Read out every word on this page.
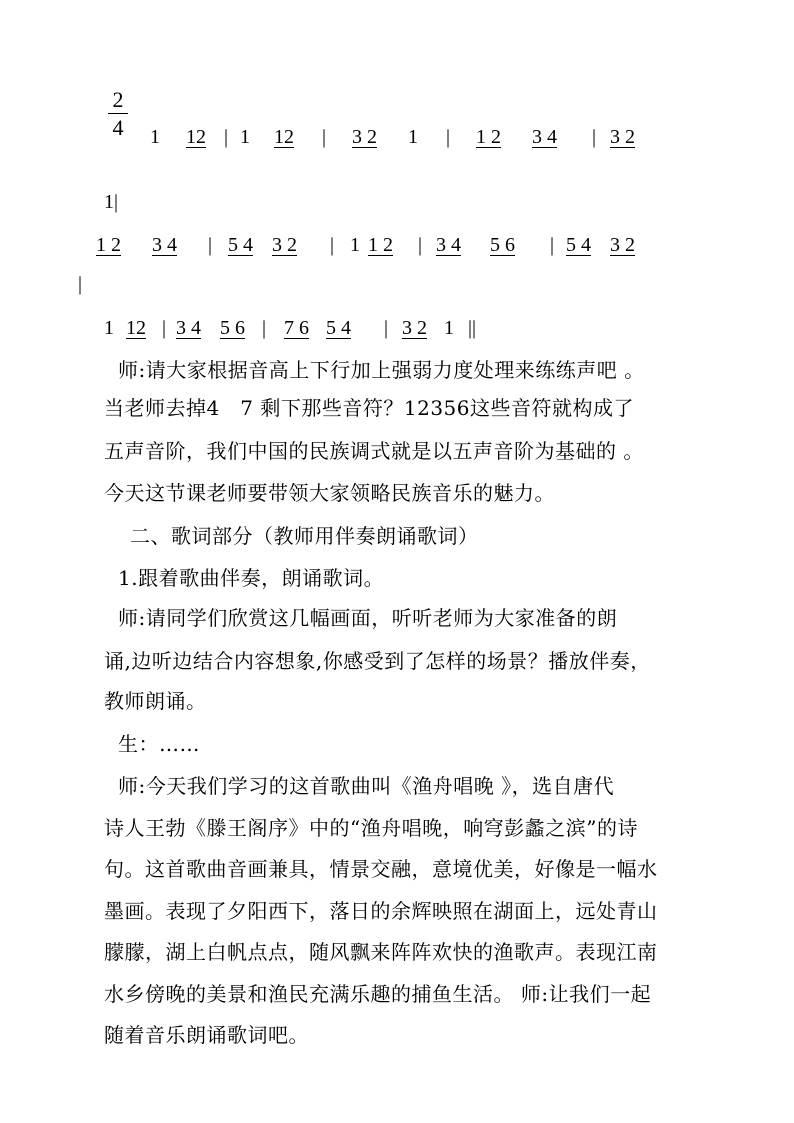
2
4 1 12 | 1 12 | 3 2 1 | 1 2 3 4 | 3 2
1|
1 2 3 4 | 5 4 3 2 | 1 1 2 | 3 4 5 6 | 5 4 3 2
|
1 12 | 3 4 5 6 | 7 6 5 4 | 3 2 1 ||
师:请大家根据音高上下行加上强弱力度处理来练练声吧 。
当老师去掉4   7 剩下那些音符？12356这些音符就构成了
五声音阶，我们中国的民族调式就是以五声音阶为基础的 。
今天这节课老师要带领大家领略民族音乐的魅力。
二、歌词部分（教师用伴奏朗诵歌词）
1.跟着歌曲伴奏，朗诵歌词。
师:请同学们欣赏这几幅画面，听听老师为大家准备的朗
诵,边听边结合内容想象,你感受到了怎样的场景？播放伴奏，
教师朗诵。
生：……
师:今天我们学习的这首歌曲叫《渔舟唱晚 》，选自唐代
诗人王勃《滕王阁序》中的“渔舟唱晚，响穹彭蠡之滨”的诗
句。这首歌曲音画兼具，情景交融，意境优美，好像是一幅水
墨画。表现了夕阳西下，落日的余辉映照在湖面上，远处青山
朦朦，湖上白帆点点，随风飘来阵阵欢快的渔歌声。表现江南
水乡傍晚的美景和渔民充满乐趣的捕鱼生活。 师:让我们一起
随着音乐朗诵歌词吧。
